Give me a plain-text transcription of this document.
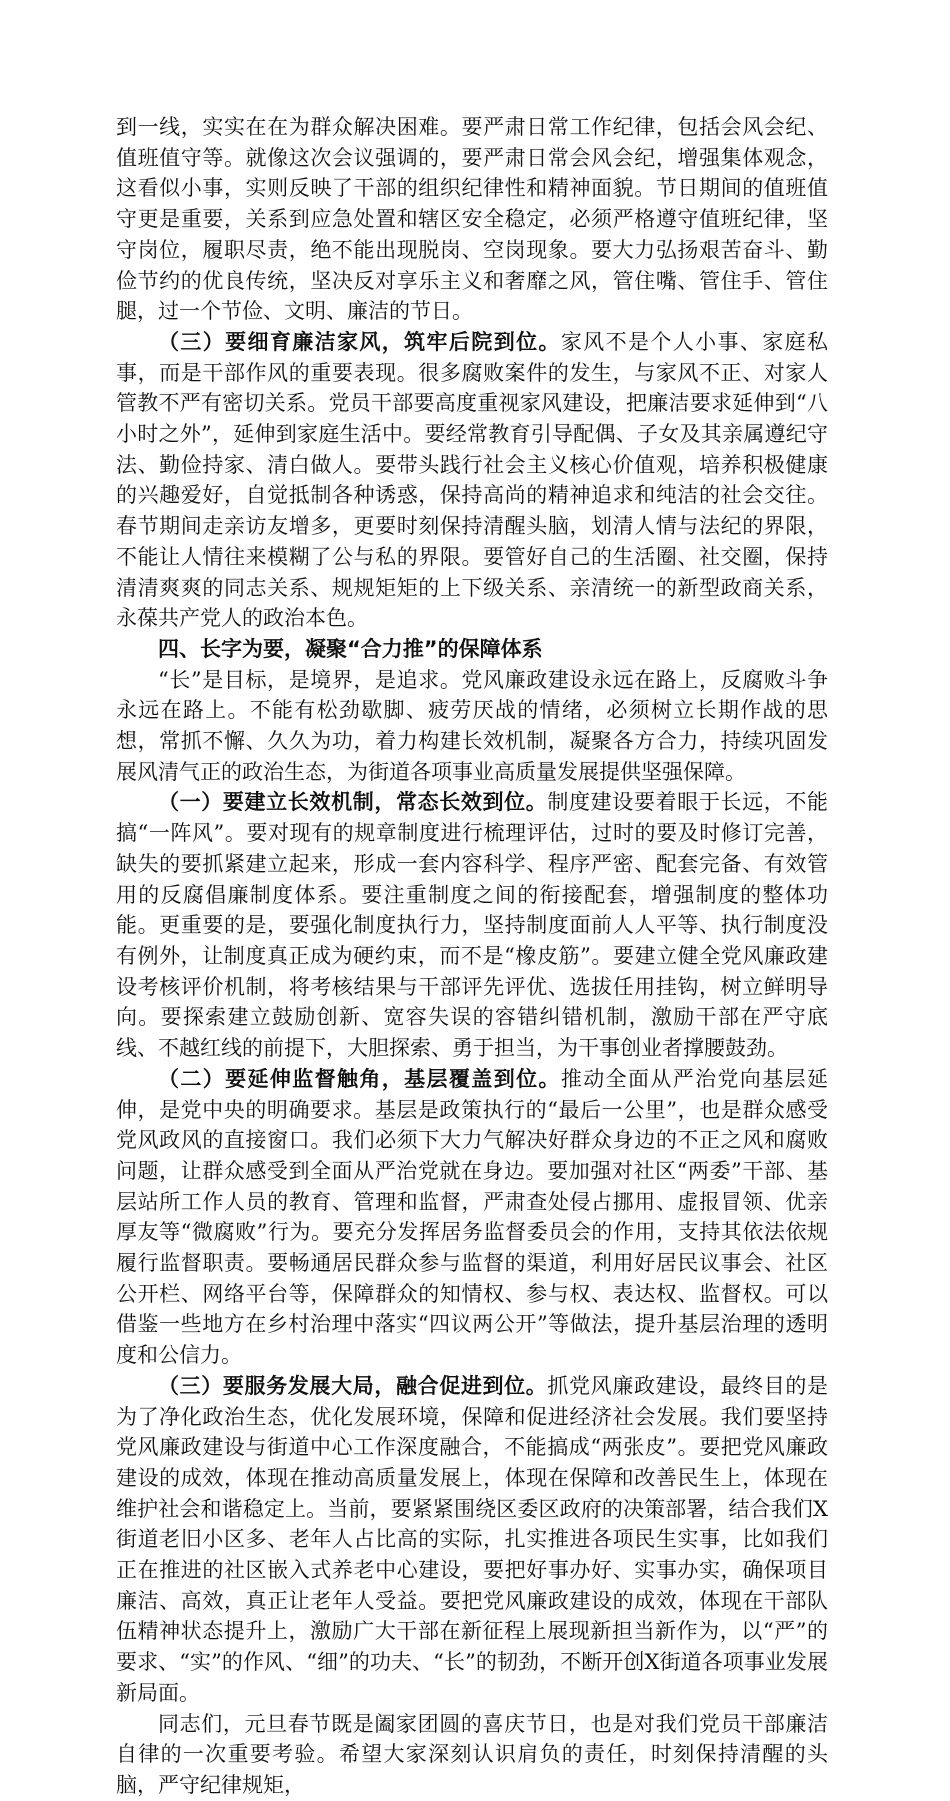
到一线，实实在在为群众解决困难。要严肃日常工作纪律，包括会风会纪、值班值守等。就像这次会议强调的，要严肃日常会风会纪，增强集体观念，这看似小事，实则反映了干部的组织纪律性和精神面貌。节日期间的值班值守更是重要，关系到应急处置和辖区安全稳定，必须严格遵守值班纪律，坚守岗位，履职尽责，绝不能出现脱岗、空岗现象。要大力弘扬艰苦奋斗、勤俭节约的优良传统，坚决反对享乐主义和奢靡之风，管住嘴、管住手、管住腿，过一个节俭、文明、廉洁的节日。

（三）要细育廉洁家风，筑牢后院到位。家风不是个人小事、家庭私事，而是干部作风的重要表现。很多腐败案件的发生，与家风不正、对家人管教不严有密切关系。党员干部要高度重视家风建设，把廉洁要求延伸到“八小时之外”，延伸到家庭生活中。要经常教育引导配偶、子女及其亲属遵纪守法、勤俭持家、清白做人。要带头践行社会主义核心价值观，培养积极健康的兴趣爱好，自觉抵制各种诱惑，保持高尚的精神追求和纯洁的社会交往。春节期间走亲访友增多，更要时刻保持清醒头脑，划清人情与法纪的界限，不能让人情往来模糊了公与私的界限。要管好自己的生活圈、社交圈，保持清清爽爽的同志关系、规规矩矩的上下级关系、亲清统一的新型政商关系，永葆共产党人的政治本色。

四、长字为要，凝聚“合力推”的保障体系

“长”是目标，是境界，是追求。党风廉政建设永远在路上，反腐败斗争永远在路上。不能有松劲歇脚、疲劳厌战的情绪，必须树立长期作战的思想，常抓不懈、久久为功，着力构建长效机制，凝聚各方合力，持续巩固发展风清气正的政治生态，为街道各项事业高质量发展提供坚强保障。

（一）要建立长效机制，常态长效到位。制度建设要着眼于长远，不能搞“一阵风”。要对现有的规章制度进行梳理评估，过时的要及时修订完善，缺失的要抓紧建立起来，形成一套内容科学、程序严密、配套完备、有效管用的反腐倡廉制度体系。要注重制度之间的衔接配套，增强制度的整体功能。更重要的是，要强化制度执行力，坚持制度面前人人平等、执行制度没有例外，让制度真正成为硬约束，而不是“橡皮筋”。要建立健全党风廉政建设考核评价机制，将考核结果与干部评先评优、选拔任用挂钩，树立鲜明导向。要探索建立鼓励创新、宽容失误的容错纠错机制，激励干部在严守底线、不越红线的前提下，大胆探索、勇于担当，为干事创业者撑腰鼓劲。

（二）要延伸监督触角，基层覆盖到位。推动全面从严治党向基层延伸，是党中央的明确要求。基层是政策执行的“最后一公里”，也是群众感受党风政风的直接窗口。我们必须下大力气解决好群众身边的不正之风和腐败问题，让群众感受到全面从严治党就在身边。要加强对社区“两委”干部、基层站所工作人员的教育、管理和监督，严肃查处侵占挪用、虚报冒领、优亲厚友等“微腐败”行为。要充分发挥居务监督委员会的作用，支持其依法依规履行监督职责。要畅通居民群众参与监督的渠道，利用好居民议事会、社区公开栏、网络平台等，保障群众的知情权、参与权、表达权、监督权。可以借鉴一些地方在乡村治理中落实“四议两公开”等做法，提升基层治理的透明度和公信力。

（三）要服务发展大局，融合促进到位。抓党风廉政建设，最终目的是为了净化政治生态，优化发展环境，保障和促进经济社会发展。我们要坚持党风廉政建设与街道中心工作深度融合，不能搞成“两张皮”。要把党风廉政建设的成效，体现在推动高质量发展上，体现在保障和改善民生上，体现在维护社会和谐稳定上。当前，要紧紧围绕区委区政府的决策部署，结合我们X街道老旧小区多、老年人占比高的实际，扎实推进各项民生实事，比如我们正在推进的社区嵌入式养老中心建设，要把好事办好、实事办实，确保项目廉洁、高效，真正让老年人受益。要把党风廉政建设的成效，体现在干部队伍精神状态提升上，激励广大干部在新征程上展现新担当新作为，以“严”的要求、“实”的作风、“细”的功夫、“长”的韧劲，不断开创X街道各项事业发展新局面。

同志们，元旦春节既是阖家团圆的喜庆节日，也是对我们党员干部廉洁自律的一次重要考验。希望大家深刻认识肩负的责任，时刻保持清醒的头脑，严守纪律规矩，
